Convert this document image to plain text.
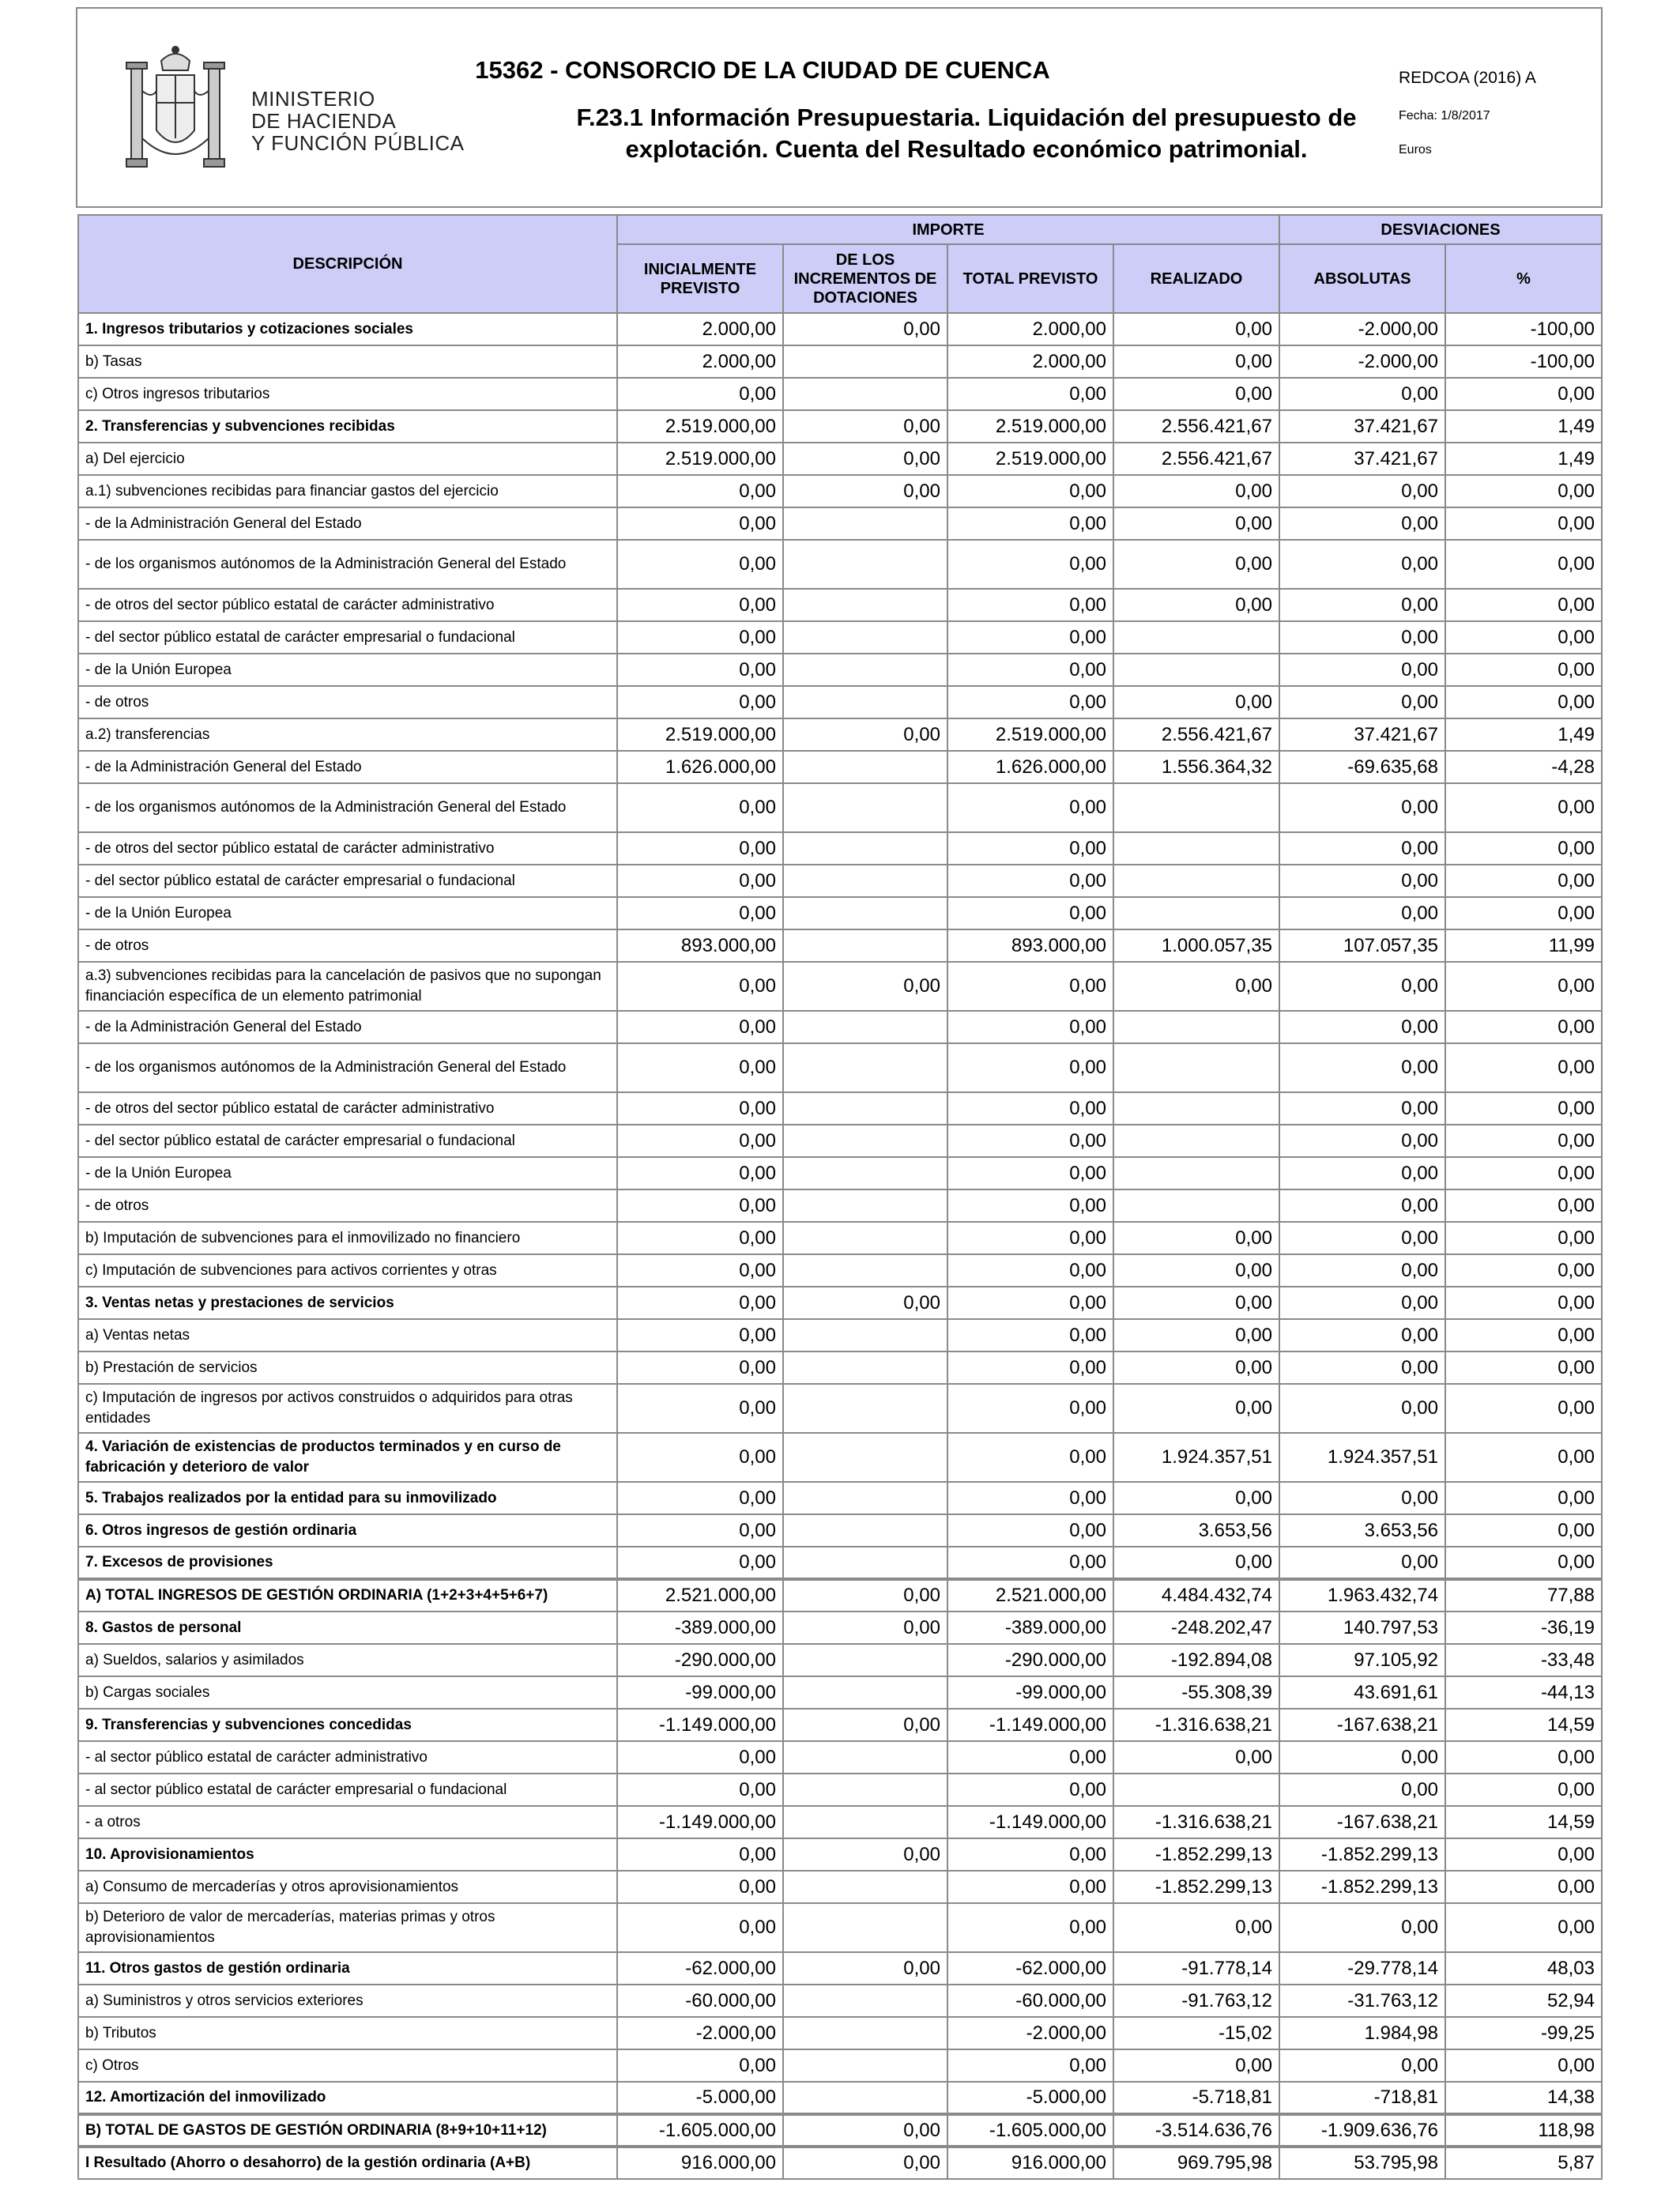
MINISTERIO
DE HACIENDA
Y FUNCIÓN PÚBLICA
15362 - CONSORCIO DE LA CIUDAD DE CUENCA
F.23.1 Información Presupuestaria. Liquidación del presupuesto de explotación. Cuenta del Resultado económico patrimonial.
REDCOA (2016) A
Fecha: 1/8/2017
Euros
DESCRIPCIÓN	IMPORTE				DESVIACIONES	
	INICIALMENTE PREVISTO	DE LOS INCREMENTOS DE DOTACIONES	TOTAL PREVISTO	REALIZADO	ABSOLUTAS	%
1. Ingresos tributarios y cotizaciones sociales	2.000,00	0,00	2.000,00	0,00	-2.000,00	-100,00
b) Tasas	2.000,00		2.000,00	0,00	-2.000,00	-100,00
c) Otros ingresos tributarios	0,00		0,00	0,00	0,00	0,00
2. Transferencias y subvenciones recibidas	2.519.000,00	0,00	2.519.000,00	2.556.421,67	37.421,67	1,49
a) Del ejercicio	2.519.000,00	0,00	2.519.000,00	2.556.421,67	37.421,67	1,49
a.1) subvenciones recibidas para financiar gastos del ejercicio	0,00	0,00	0,00	0,00	0,00	0,00
- de la Administración General del Estado	0,00		0,00	0,00	0,00	0,00
- de los organismos autónomos de la Administración General del Estado	0,00		0,00	0,00	0,00	0,00
- de otros del sector público estatal de carácter administrativo	0,00		0,00	0,00	0,00	0,00
- del sector público estatal de carácter empresarial o fundacional	0,00		0,00		0,00	0,00
- de la Unión Europea	0,00		0,00		0,00	0,00
- de otros	0,00		0,00	0,00	0,00	0,00
a.2) transferencias	2.519.000,00	0,00	2.519.000,00	2.556.421,67	37.421,67	1,49
- de la Administración General del Estado	1.626.000,00		1.626.000,00	1.556.364,32	-69.635,68	-4,28
- de los organismos autónomos de la Administración General del Estado	0,00		0,00		0,00	0,00
- de otros del sector público estatal de carácter administrativo	0,00		0,00		0,00	0,00
- del sector público estatal de carácter empresarial o fundacional	0,00		0,00		0,00	0,00
- de la Unión Europea	0,00		0,00		0,00	0,00
- de otros	893.000,00		893.000,00	1.000.057,35	107.057,35	11,99
a.3) subvenciones recibidas para la cancelación de pasivos que no supongan financiación específica de un elemento patrimonial	0,00	0,00	0,00	0,00	0,00	0,00
- de la Administración General del Estado	0,00		0,00		0,00	0,00
- de los organismos autónomos de la Administración General del Estado	0,00		0,00		0,00	0,00
- de otros del sector público estatal de carácter administrativo	0,00		0,00		0,00	0,00
- del sector público estatal de carácter empresarial o fundacional	0,00		0,00		0,00	0,00
- de la Unión Europea	0,00		0,00		0,00	0,00
- de otros	0,00		0,00		0,00	0,00
b) Imputación de subvenciones para el inmovilizado no financiero	0,00		0,00	0,00	0,00	0,00
c) Imputación de subvenciones para activos corrientes y otras	0,00		0,00	0,00	0,00	0,00
3. Ventas netas y prestaciones de servicios	0,00	0,00	0,00	0,00	0,00	0,00
a) Ventas netas	0,00		0,00	0,00	0,00	0,00
b) Prestación de servicios	0,00		0,00	0,00	0,00	0,00
c) Imputación de ingresos por activos construidos o adquiridos para otras entidades	0,00		0,00	0,00	0,00	0,00
4. Variación de existencias de productos terminados y en curso de fabricación y deterioro de valor	0,00		0,00	1.924.357,51	1.924.357,51	0,00
5. Trabajos realizados por la entidad para su inmovilizado	0,00		0,00	0,00	0,00	0,00
6. Otros ingresos de gestión ordinaria	0,00		0,00	3.653,56	3.653,56	0,00
7. Excesos de provisiones	0,00		0,00	0,00	0,00	0,00
A) TOTAL INGRESOS DE GESTIÓN ORDINARIA (1+2+3+4+5+6+7)	2.521.000,00	0,00	2.521.000,00	4.484.432,74	1.963.432,74	77,88
8. Gastos de personal	-389.000,00	0,00	-389.000,00	-248.202,47	140.797,53	-36,19
a) Sueldos, salarios y asimilados	-290.000,00		-290.000,00	-192.894,08	97.105,92	-33,48
b) Cargas sociales	-99.000,00		-99.000,00	-55.308,39	43.691,61	-44,13
9. Transferencias y subvenciones concedidas	-1.149.000,00	0,00	-1.149.000,00	-1.316.638,21	-167.638,21	14,59
- al sector público estatal de carácter administrativo	0,00		0,00	0,00	0,00	0,00
- al sector público estatal de carácter empresarial o fundacional	0,00		0,00		0,00	0,00
- a otros	-1.149.000,00		-1.149.000,00	-1.316.638,21	-167.638,21	14,59
10. Aprovisionamientos	0,00	0,00	0,00	-1.852.299,13	-1.852.299,13	0,00
a) Consumo de mercaderías y otros aprovisionamientos	0,00		0,00	-1.852.299,13	-1.852.299,13	0,00
b) Deterioro de valor de mercaderías, materias primas y otros aprovisionamientos	0,00		0,00	0,00	0,00	0,00
11. Otros gastos de gestión ordinaria	-62.000,00	0,00	-62.000,00	-91.778,14	-29.778,14	48,03
a) Suministros y otros servicios exteriores	-60.000,00		-60.000,00	-91.763,12	-31.763,12	52,94
b) Tributos	-2.000,00		-2.000,00	-15,02	1.984,98	-99,25
c) Otros	0,00		0,00	0,00	0,00	0,00
12. Amortización del inmovilizado	-5.000,00		-5.000,00	-5.718,81	-718,81	14,38
B) TOTAL DE GASTOS DE GESTIÓN ORDINARIA (8+9+10+11+12)	-1.605.000,00	0,00	-1.605.000,00	-3.514.636,76	-1.909.636,76	118,98
I Resultado (Ahorro o desahorro) de la gestión ordinaria (A+B)	916.000,00	0,00	916.000,00	969.795,98	53.795,98	5,87
